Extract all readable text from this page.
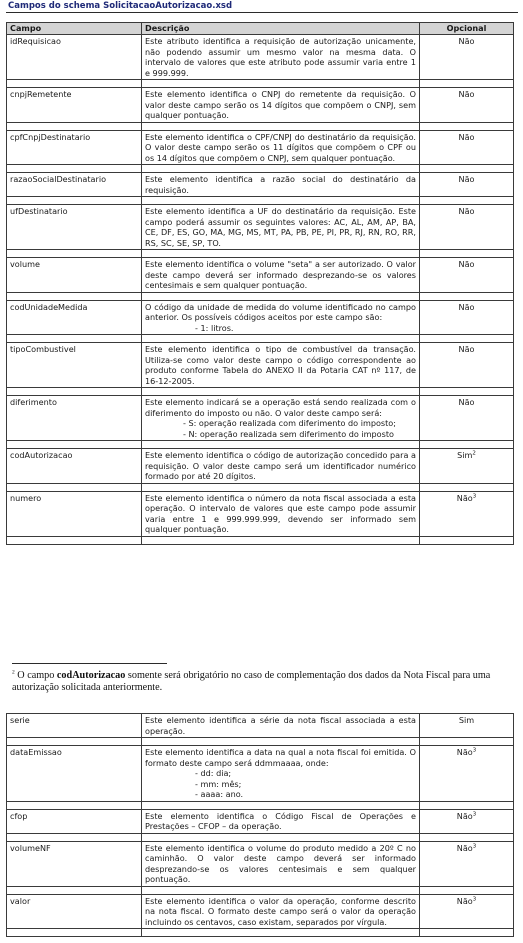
Campos do schema SolicitacaoAutorizacao.xsd
Campo	Descrição	Opcional
idRequisicao	Este atributo identifica a requisição de autorização unicamente, não podendo assumir um mesmo valor na mesma data. O intervalo de valores que este atributo pode assumir varia entre 1 e 999.999.	Não

cnpjRemetente	Este elemento identifica o CNPJ do remetente da requisição. O valor deste campo serão os 14 dígitos que compõem o CNPJ, sem qualquer pontuação.	Não

cpfCnpjDestinatario	Este elemento identifica o CPF/CNPJ do destinatário da requisição. O valor deste campo serão os 11 dígitos que compõem o CPF ou os 14 dígitos que compõem o CNPJ, sem qualquer pontuação.	Não

razaoSocialDestinatario	Este elemento identifica a razão social do destinatário da requisição.	Não

ufDestinatario	Este elemento identifica a UF do destinatário da requisição. Este campo poderá assumir os seguintes valores: AC, AL, AM, AP, BA, CE, DF, ES, GO, MA, MG, MS, MT, PA, PB, PE, PI, PR, RJ, RN, RO, RR, RS, SC, SE, SP, TO.	Não

volume	Este elemento identifica o volume "seta" a ser autorizado. O valor deste campo deverá ser informado desprezando-se os valores centesimais e sem qualquer pontuação.	Não

codUnidadeMedida	O código da unidade de medida do volume identificado no campo anterior. Os possíveis códigos aceitos por este campo são:
- 1: litros.	Não

tipoCombustivel	Este elemento identifica o tipo de combustível da transação. Utiliza-se como valor deste campo o código correspondente ao produto conforme Tabela do ANEXO II da Potaria CAT nº 117, de 16-12-2005.	Não

diferimento	Este elemento indicará se a operação está sendo realizada com o diferimento do imposto ou não. O valor deste campo será:
- S: operação realizada com diferimento do imposto;
- N: operação realizada sem diferimento do imposto	Não

codAutorizacao	Este elemento identifica o código de autorização concedido para a requisição. O valor deste campo será um identificador numérico formado por até 20 dígitos.	Sim$^2$

numero	Este elemento identifica o número da nota fiscal associada a esta operação. O intervalo de valores que este campo pode assumir varia entre 1 e 999.999.999, devendo ser informado sem qualquer pontuação.	Não$^3$

$^2$ O campo codAutorizacao somente será obrigatório no caso de complementação dos dados da Nota Fiscal para uma autorização solicitada anteriormente.
serie	Este elemento identifica a série da nota fiscal associada a esta operação.	Sim

dataEmissao	Este elemento identifica a data na qual a nota fiscal foi emitida. O formato deste campo será ddmmaaaa, onde:
- dd: dia;
- mm: mês;
- aaaa: ano.	Não$^3$

cfop	Este elemento identifica o Código Fiscal de Operações e Prestações – CFOP – da operação.	Não$^3$

volumeNF	Este elemento identifica o volume do produto medido a 20º C no caminhão. O valor deste campo deverá ser informado desprezando-se os valores centesimais e sem qualquer pontuação.	Não$^3$

valor	Este elemento identifica o valor da operação, conforme descrito na nota fiscal. O formato deste campo será o valor da operação incluindo os centavos, caso existam, separados por vírgula.	Não$^3$
